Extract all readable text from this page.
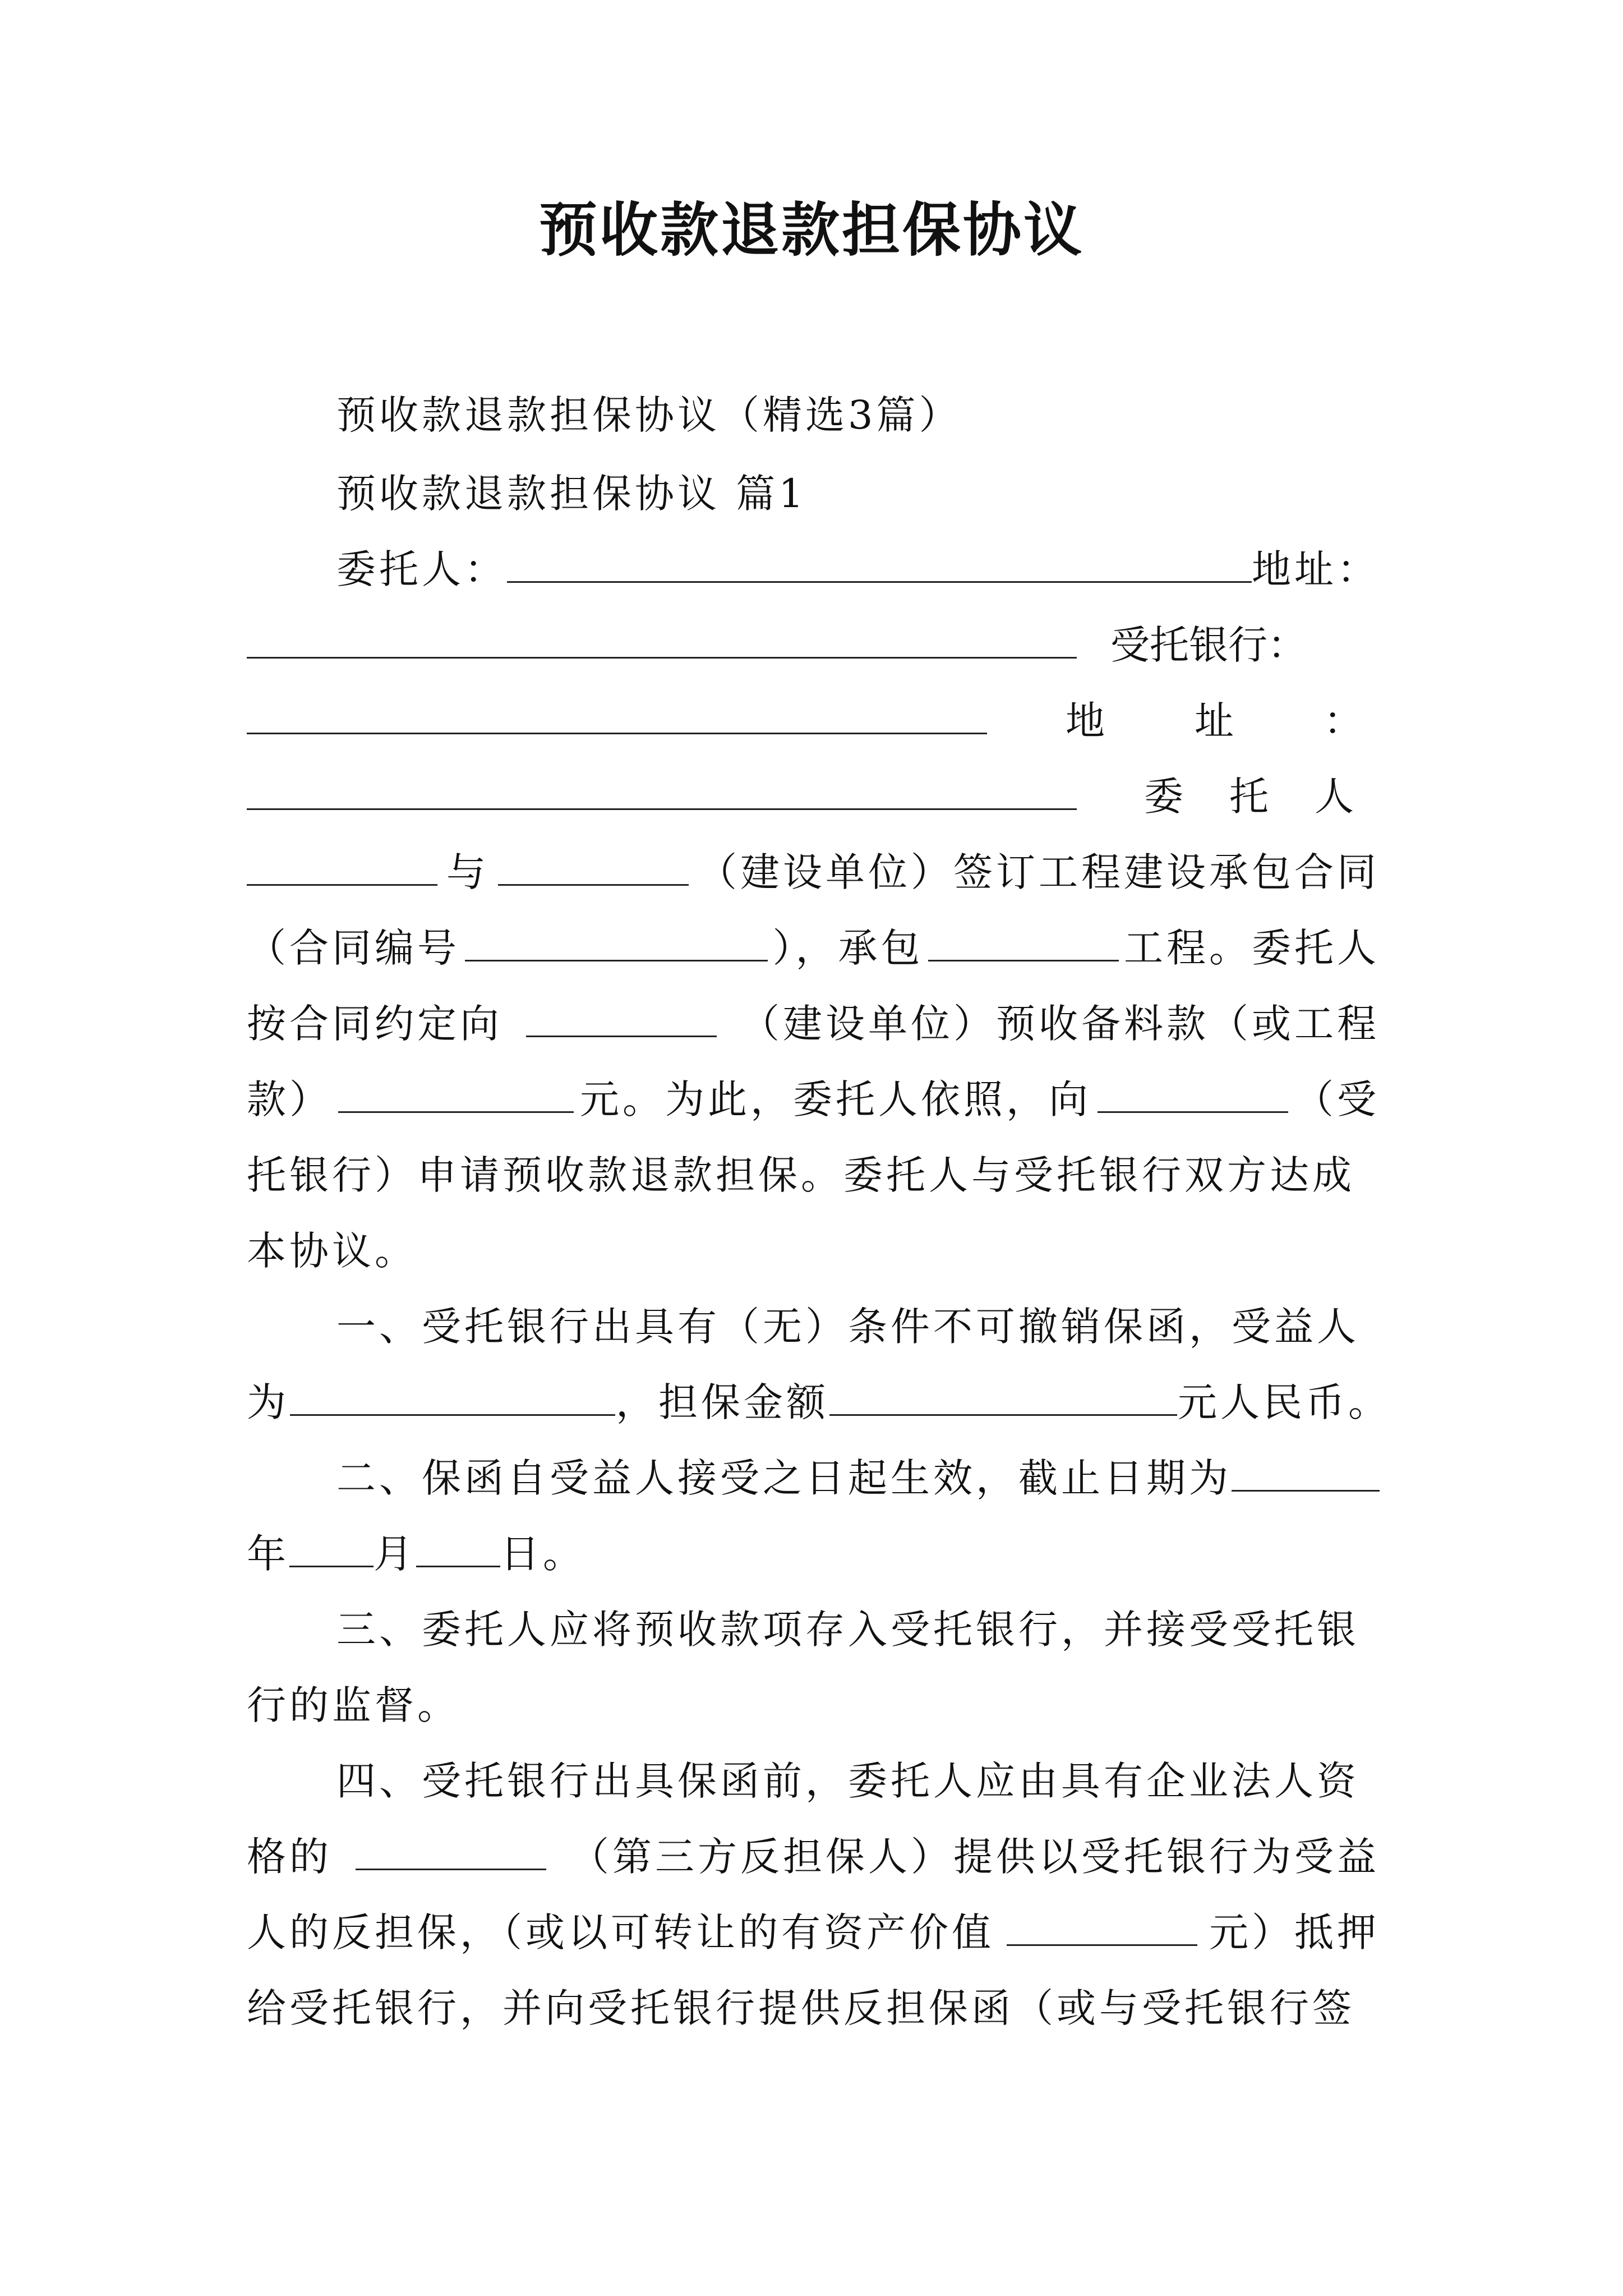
预收款退款担保协议
预收款退款担保协议（精选3篇）
预收款退款担保协议 篇1
委托人：	地址：
受托银行：
地址：
委托人
与	（建设单位）签订工程建设承包合同
（合同编号	），承包	工程。委托人
按合同约定向	（建设单位）预收备料款（或工程
款）	元。为此，委托人依照，向	（受
托银行）申请预收款退款担保。委托人与受托银行双方达成
本协议。
一、受托银行出具有（无）条件不可撤销保函，受益人
为	，担保金额	元人民币。
二、保函自受益人接受之日起生效，截止日期为
年 月 日。
三、委托人应将预收款项存入受托银行，并接受受托银
行的监督。
四、受托银行出具保函前，委托人应由具有企业法人资
格的	（第三方反担保人）提供以受托银行为受益
人的反担保，（或以可转让的有资产价值	元）抵押
给受托银行，并向受托银行提供反担保函（或与受托银行签
